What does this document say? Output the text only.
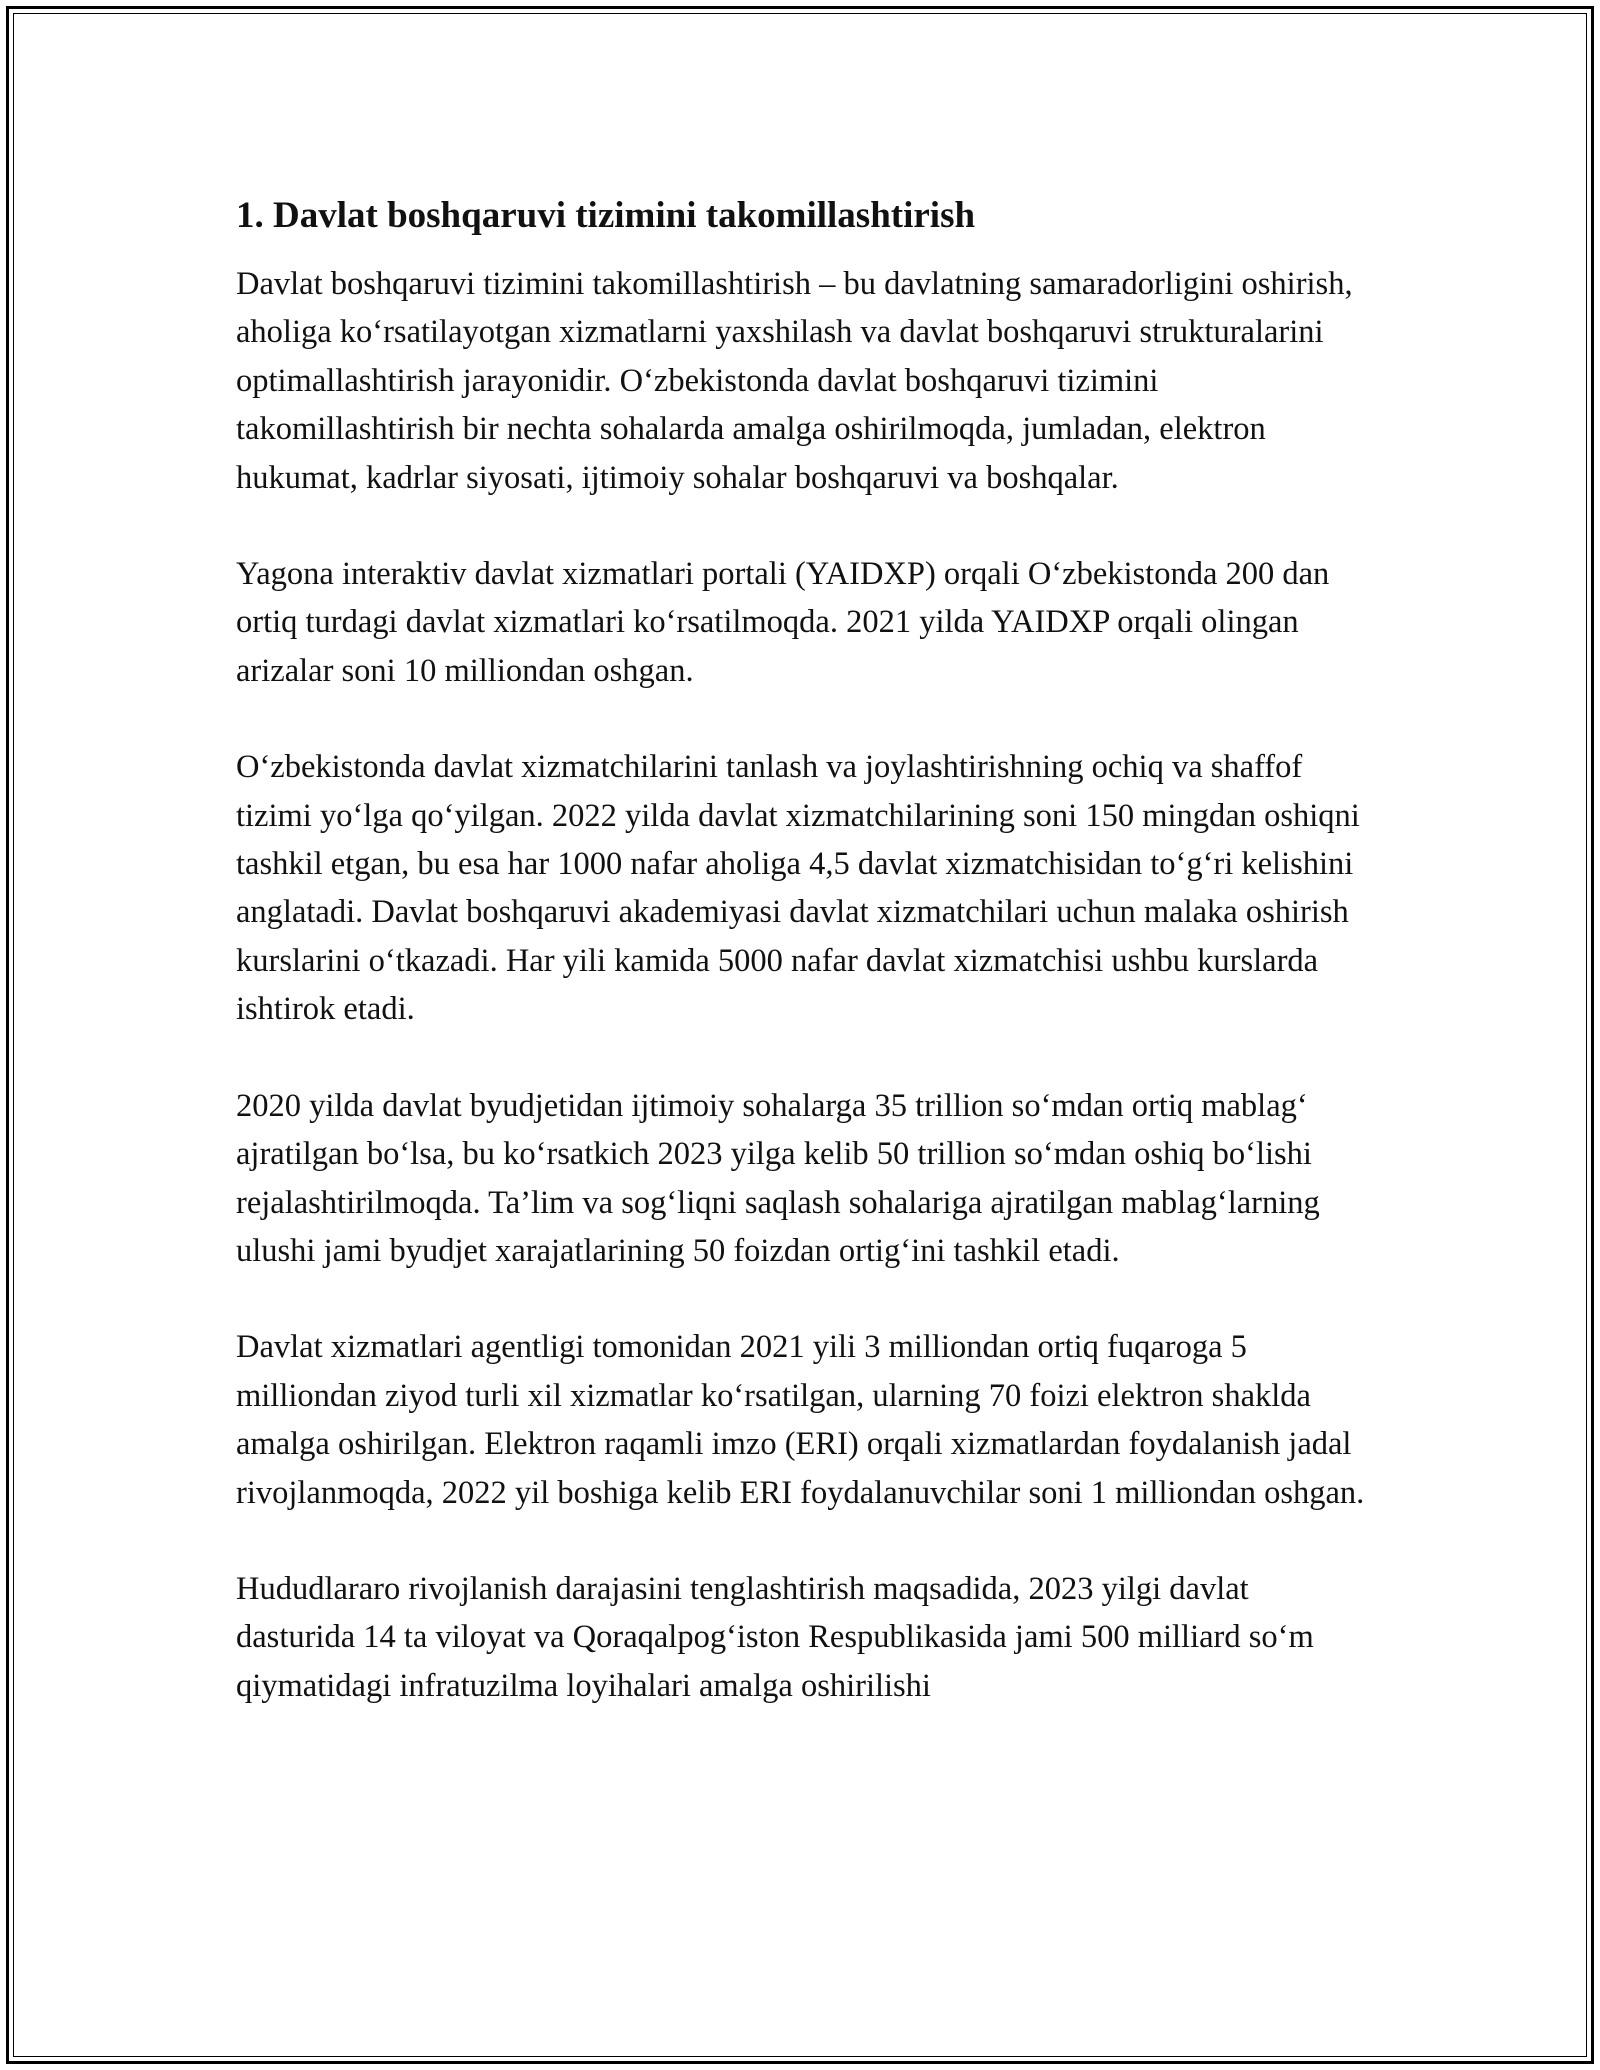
1. Davlat boshqaruvi tizimini takomillashtirish

Davlat boshqaruvi tizimini takomillashtirish – bu davlatning samaradorligini oshirish, aholiga ko‘rsatilayotgan xizmatlarni yaxshilash va davlat boshqaruvi strukturalarini optimallashtirish jarayonidir. O‘zbekistonda davlat boshqaruvi tizimini takomillashtirish bir nechta sohalarda amalga oshirilmoqda, jumladan, elektron hukumat, kadrlar siyosati, ijtimoiy sohalar boshqaruvi va boshqalar.

Yagona interaktiv davlat xizmatlari portali (YAIDXP) orqali O‘zbekistonda 200 dan ortiq turdagi davlat xizmatlari ko‘rsatilmoqda. 2021 yilda YAIDXP orqali olingan arizalar soni 10 milliondan oshgan.

O‘zbekistonda davlat xizmatchilarini tanlash va joylashtirishning ochiq va shaffof tizimi yo‘lga qo‘yilgan. 2022 yilda davlat xizmatchilarining soni 150 mingdan oshiqni tashkil etgan, bu esa har 1000 nafar aholiga 4,5 davlat xizmatchisidan to‘g‘ri kelishini anglatadi. Davlat boshqaruvi akademiyasi davlat xizmatchilari uchun malaka oshirish kurslarini o‘tkazadi. Har yili kamida 5000 nafar davlat xizmatchisi ushbu kurslarda ishtirok etadi.

2020 yilda davlat byudjetidan ijtimoiy sohalarga 35 trillion so‘mdan ortiq mablag‘ ajratilgan bo‘lsa, bu ko‘rsatkich 2023 yilga kelib 50 trillion so‘mdan oshiq bo‘lishi rejalashtirilmoqda. Ta’lim va sog‘liqni saqlash sohalariga ajratilgan mablag‘larning ulushi jami byudjet xarajatlarining 50 foizdan ortig‘ini tashkil etadi.

Davlat xizmatlari agentligi tomonidan 2021 yili 3 milliondan ortiq fuqaroga 5 milliondan ziyod turli xil xizmatlar ko‘rsatilgan, ularning 70 foizi elektron shaklda amalga oshirilgan. Elektron raqamli imzo (ERI) orqali xizmatlardan foydalanish jadal rivojlanmoqda, 2022 yil boshiga kelib ERI foydalanuvchilar soni 1 milliondan oshgan.

Hududlararo rivojlanish darajasini tenglashtirish maqsadida, 2023 yilgi davlat dasturida 14 ta viloyat va Qoraqalpog‘iston Respublikasida jami 500 milliard so‘m qiymatidagi infratuzilma loyihalari amalga oshirilishi
